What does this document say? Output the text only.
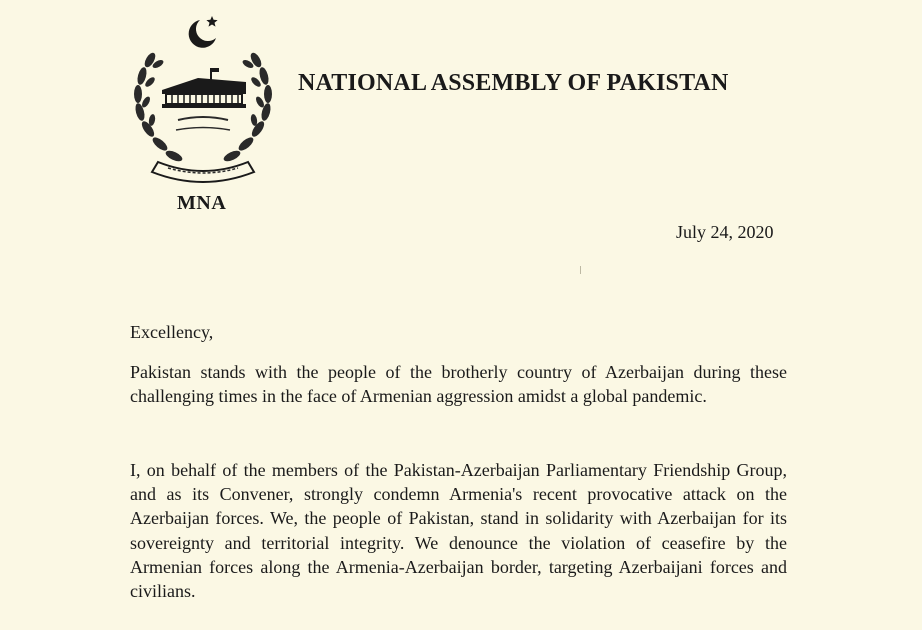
NATIONAL ASSEMBLY OF PAKISTAN
MNA
July 24, 2020
Excellency,
Pakistan stands with the people of the brotherly country of Azerbaijan during these challenging times in the face of Armenian aggression amidst a global pandemic.
I, on behalf of the members of the Pakistan-Azerbaijan Parliamentary Friendship Group, and as its Convener, strongly condemn Armenia's recent provocative attack on the Azerbaijan forces. We, the people of Pakistan, stand in solidarity with Azerbaijan for its sovereignty and territorial integrity. We denounce the violation of ceasefire by the Armenian forces along the Armenia-Azerbaijan border, targeting Azerbaijani forces and civilians.
